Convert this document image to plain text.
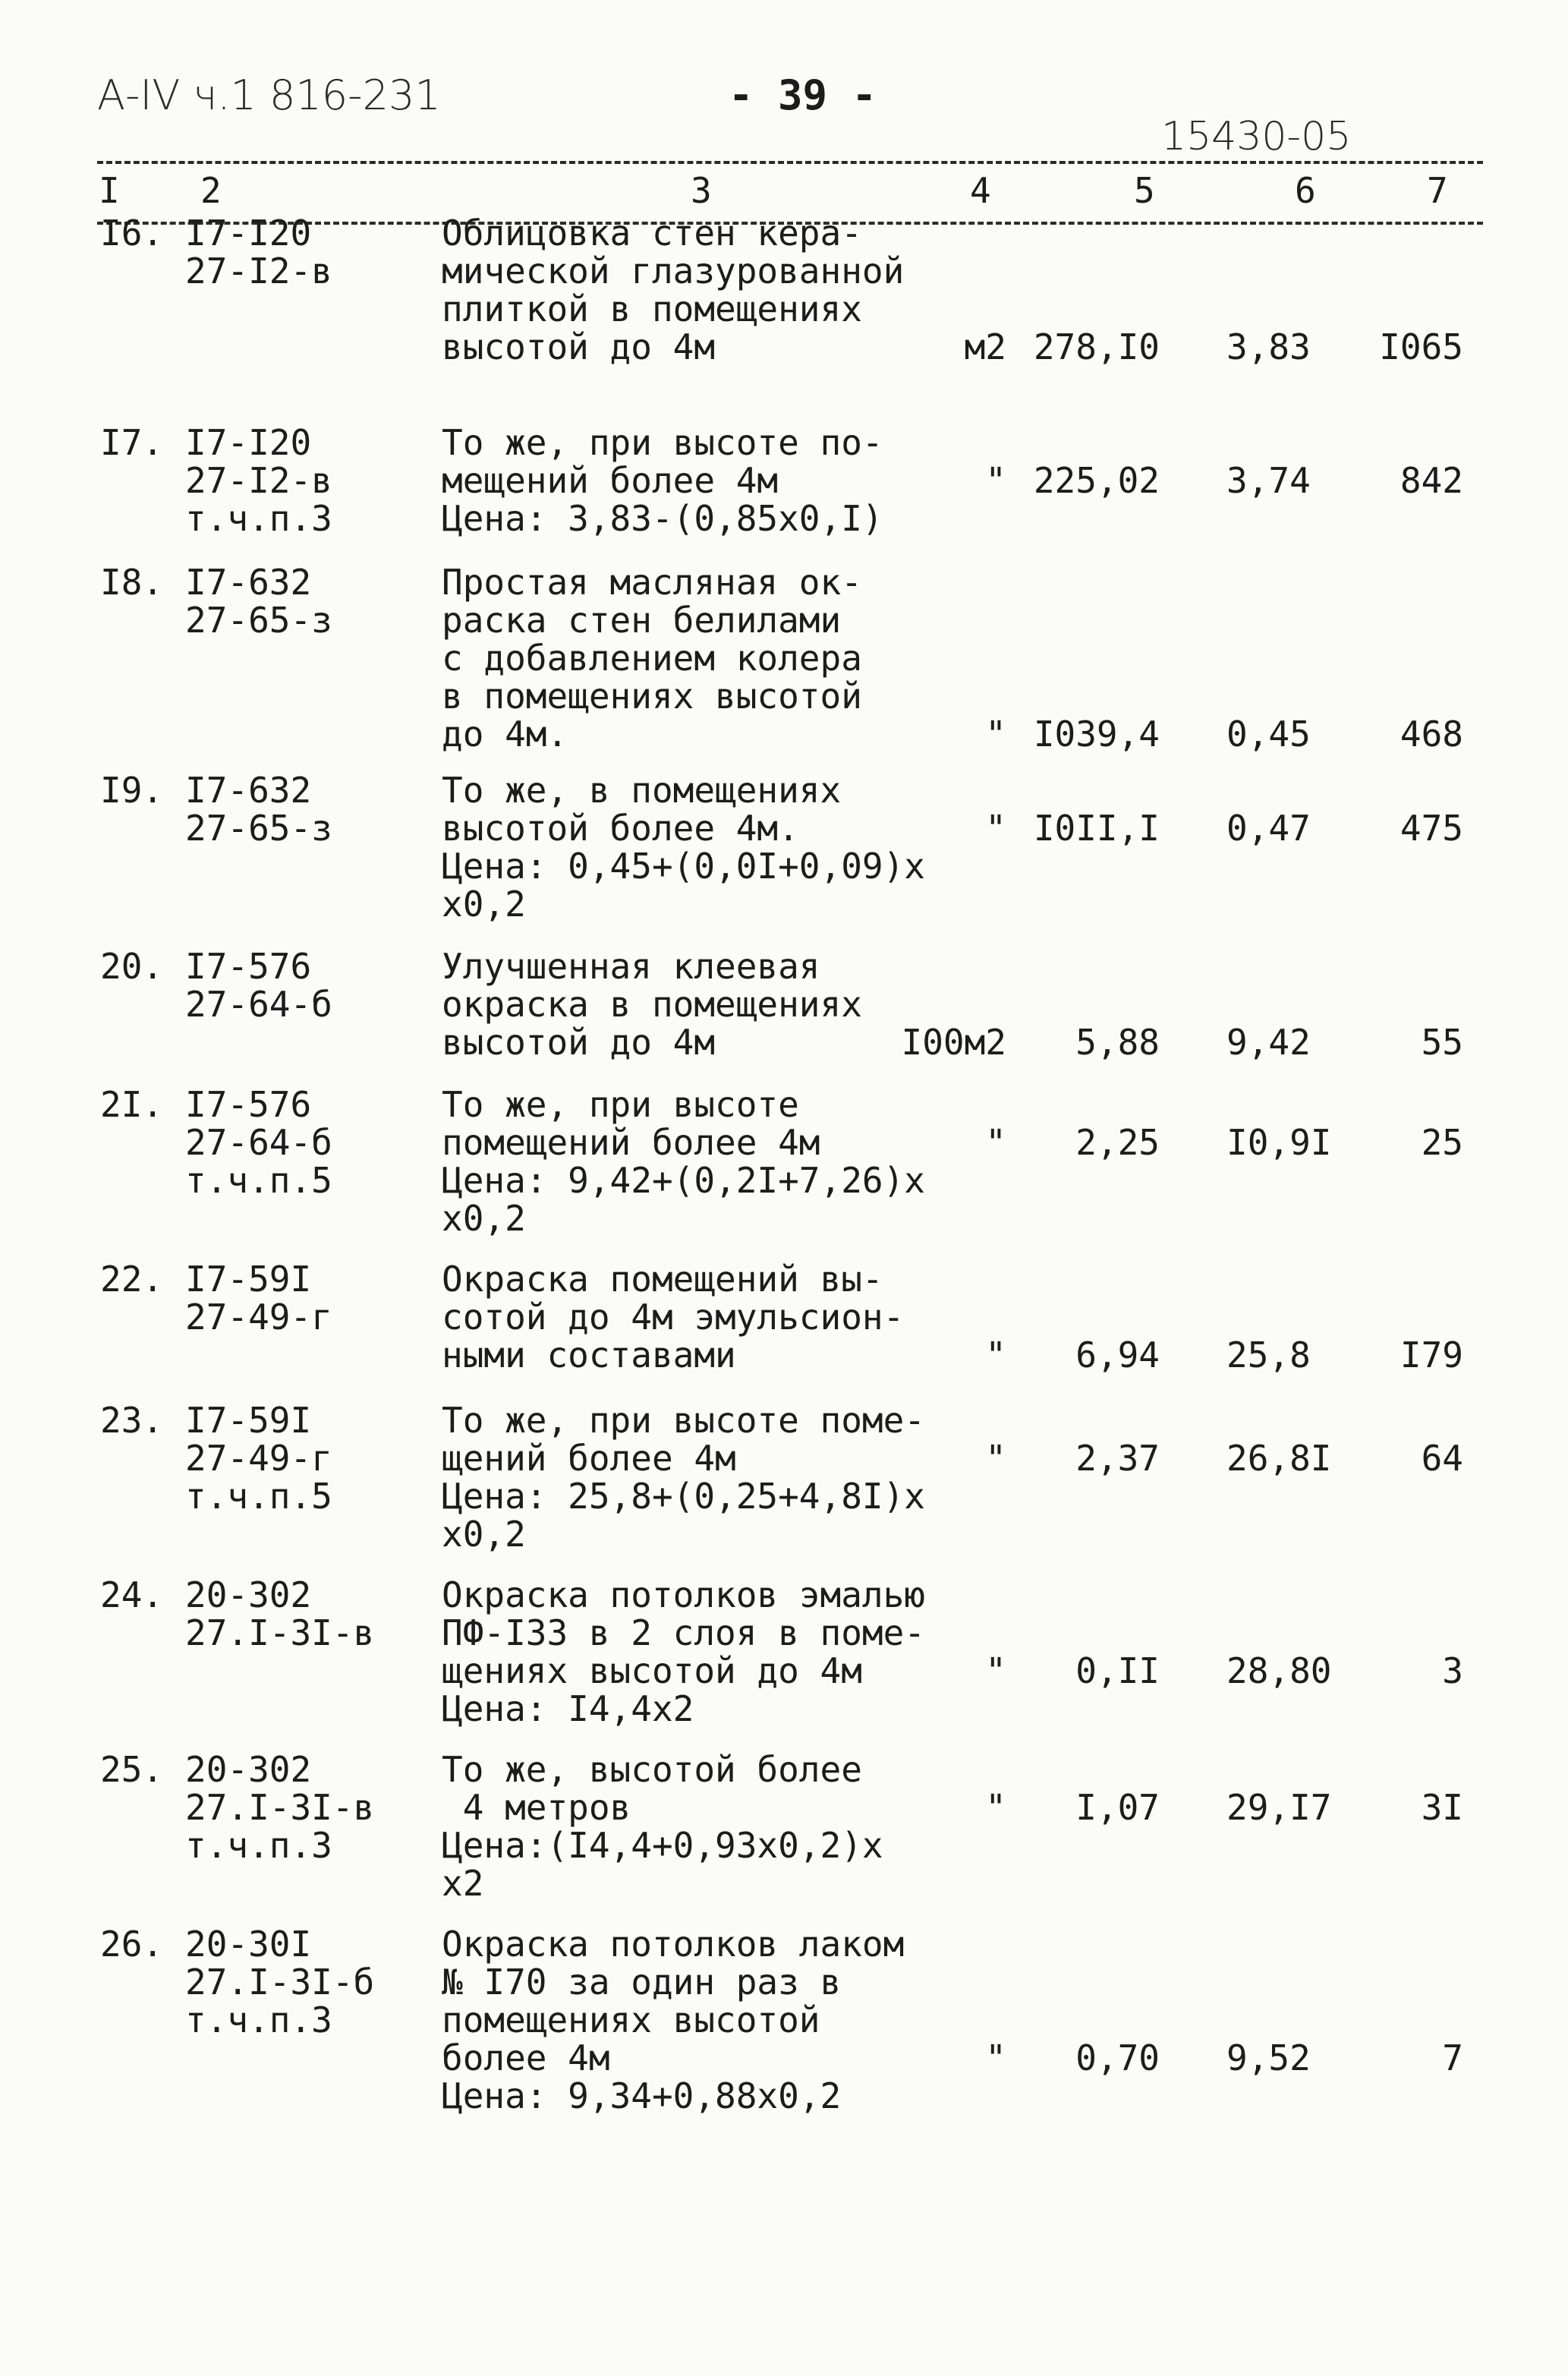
А-IV ч.1 816-231	- 39 -
15430-05
I 2	3	4	5	6	7
I6. I7-I20
27-I2-в
Облицовка стен кера-
мической глазурованной
плиткой в помещениях
высотой до 4м	м2 278,I0 3,83 I065
I7. I7-I20
27-I2-в
т.ч.п.3
То же, при высоте по-
мещений более 4м
Цена: 3,83-(0,85х0,I)
" 225,02 3,74	842
I8. I7-632
27-65-з
Простая масляная ок-
раска стен белилами
с добавлением колера
в помещениях высотой
до 4м.	" I039,4 0,45	468
I9. I7-632
27-65-з
То же, в помещениях
высотой более 4м.
Цена: 0,45+(0,0I+0,09)х
х0,2
" I0II,I 0,47	475
20. I7-576
27-64-б
Улучшенная клеевая
окраска в помещениях
высотой до 4м	I00м2 5,88 9,42	55
2I. I7-576
27-64-б
т.ч.п.5
То же, при высоте
помещений более 4м
Цена: 9,42+(0,2I+7,26)х
х0,2
" 2,25 I0,9I	25
22. I7-59I
27-49-г
Окраска помещений вы-
сотой до 4м эмульсион-
ными составами	" 6,94 25,8	I79
23. I7-59I
27-49-г
т.ч.п.5
То же, при высоте поме-
щений более 4м
Цена: 25,8+(0,25+4,8I)х
х0,2
" 2,37 26,8I	64
24. 20-302
27.I-3I-в
Окраска потолков эмалью
ПФ-I33 в 2 слоя в поме-
щениях высотой до 4м
Цена: I4,4х2
" 0,II 28,80	3
25. 20-302
27.I-3I-в
т.ч.п.3
То же, высотой более
4 метров
Цена:(I4,4+0,93х0,2)х
х2
" I,07 29,I7	3I
26. 20-30I
27.I-3I-б
т.ч.п.3
Окраска потолков лаком
№ I70 за один раз в
помещениях высотой
более 4м
Цена: 9,34+0,88х0,2
" 0,70 9,52	7
